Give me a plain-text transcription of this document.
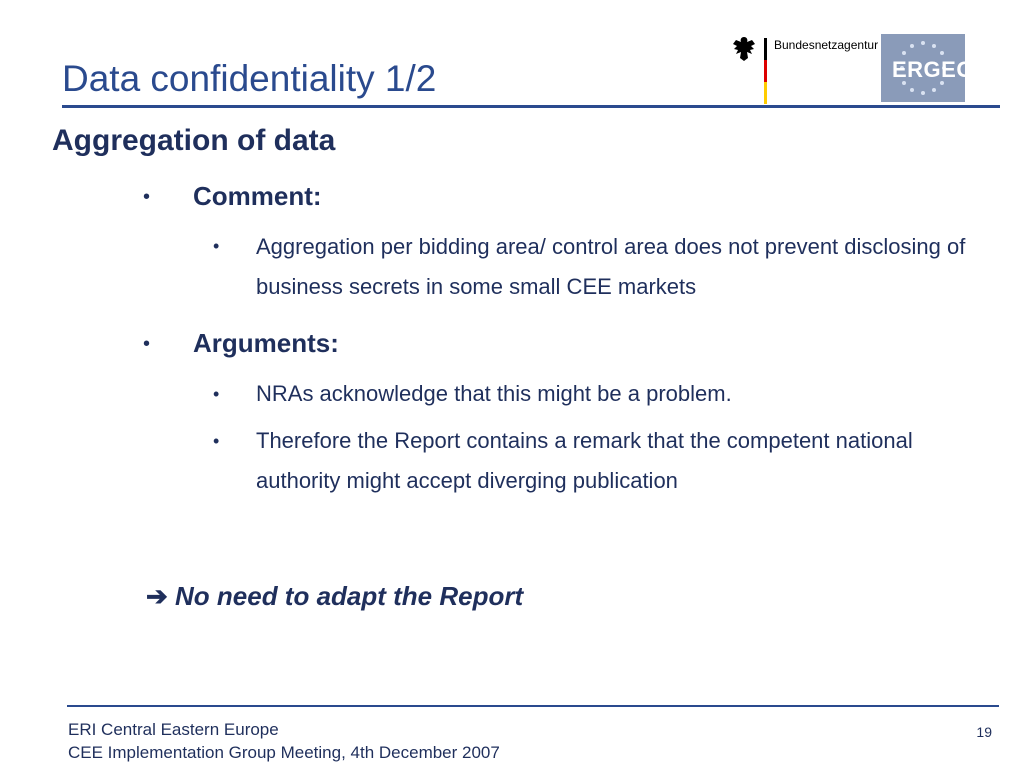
Data confidentiality 1/2
Bundesnetzagentur
ERGEG
Aggregation of data
• Comment:
• Aggregation per bidding area/ control area does not prevent disclosing of business secrets in some small CEE markets
• Arguments:
• NRAs acknowledge that this might be a problem.
• Therefore the Report contains a remark that the competent national authority might accept diverging publication
➔ No need to adapt the Report
ERI Central Eastern Europe
CEE Implementation Group Meeting, 4th December 2007
19
